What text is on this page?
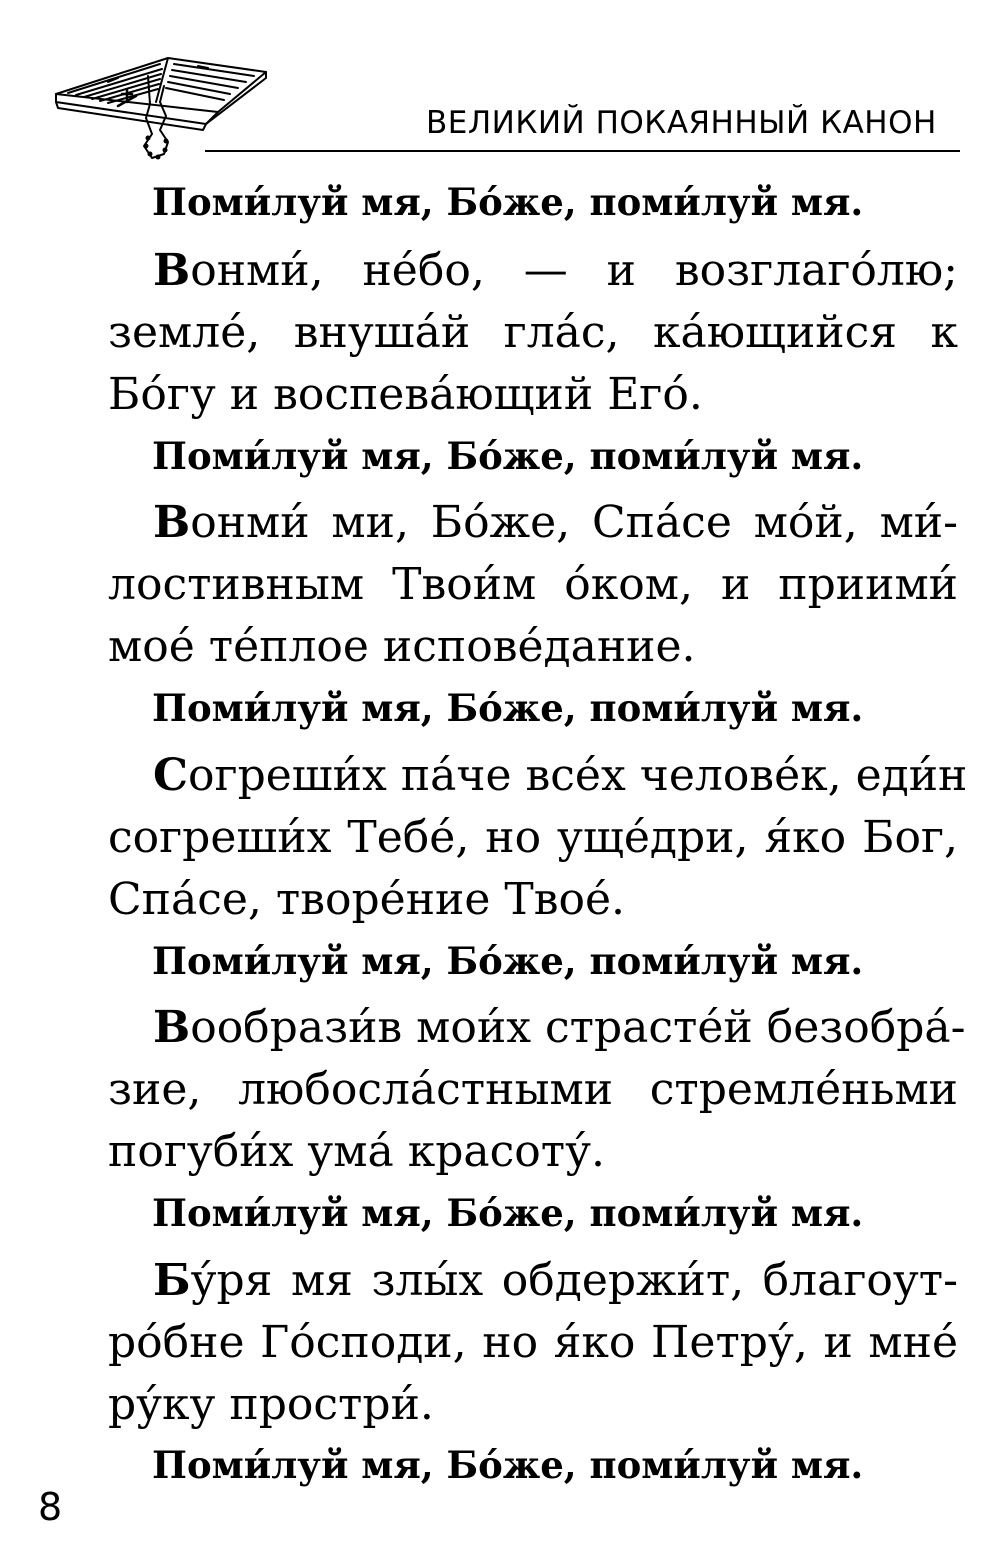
ВЕЛИКИЙ ПОКАЯННЫЙ КАНОН
Поми́луй мя, Бо́же, поми́луй мя.
Вонми́, не́бо, — и возглаго́лю;
земле́, внуша́й гла́с, ка́ющийся к
Бо́гу и воспева́ющий Его́.
Поми́луй мя, Бо́же, поми́луй мя.
Вонми́ ми, Бо́же, Спа́се мо́й, ми́-
лостивным Твои́м о́ком, и приими́
мое́ те́плое испове́дание.
Поми́луй мя, Бо́же, поми́луй мя.
Согреши́х па́че все́х челове́к, еди́н
согреши́х Тебе́, но уще́дри, я́ко Бог,
Спа́се, творе́ние Твое́.
Поми́луй мя, Бо́же, поми́луй мя.
Вообрази́в мои́х страсте́й безобра́-
зие, любосла́стными стремле́ньми
погуби́х ума́ красоту́.
Поми́луй мя, Бо́же, поми́луй мя.
Бу́ря мя злы́х обдержи́т, благоут-
ро́бне Го́споди, но я́ко Петру́, и мне́
ру́ку простри́.
Поми́луй мя, Бо́же, поми́луй мя.
8
